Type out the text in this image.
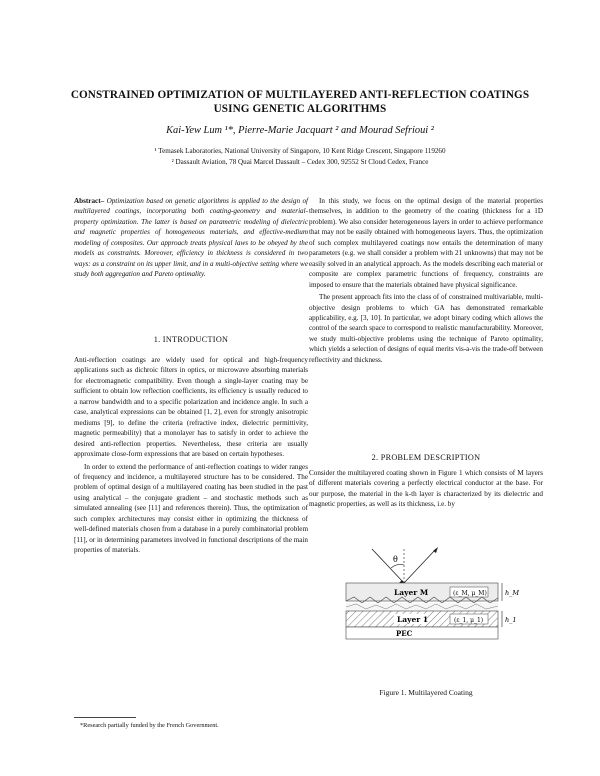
CONSTRAINED OPTIMIZATION OF MULTILAYERED ANTI-REFLECTION COATINGS
USING GENETIC ALGORITHMS
Kai-Yew Lum ¹*, Pierre-Marie Jacquart ² and Mourad Sefrioui ²
¹ Temasek Laboratories, National University of Singapore, 10 Kent Ridge Crescent, Singapore 119260
² Dassault Aviation, 78 Quai Marcel Dassault – Cedex 300, 92552 St Cloud Cedex, France

Abstract– Optimization based on genetic algorithms is applied to the design of multilayered coatings, incorporating both coating-geometry and material-property optimization. The latter is based on parametric modeling of dielectric and magnetic properties of homogeneous materials, and effective-medium modeling of composites. Our approach treats physical laws to be obeyed by the models as constraints. Moreover, efficiency in thickness is considered in two ways: as a constraint on its upper limit, and in a multi-objective setting where we study both aggregation and Pareto optimality.

1. INTRODUCTION

Anti-reflection coatings are widely used for optical and high-frequency applications such as dichroic filters in optics, or microwave absorbing materials for electromagnetic compatibility. Even though a single-layer coating may be sufficient to obtain low reflection coefficients, its efficiency is usually reduced to a narrow bandwidth and to a specific polarization and incidence angle. In such a case, analytical expressions can be obtained [1, 2], even for strongly anisotropic mediums [9], to define the criteria (refractive index, dielectric permittivity, magnetic permeability) that a monolayer has to satisfy in order to achieve the desired anti-reflection properties. Nevertheless, these criteria are usually approximate close-form expressions that are based on certain hypotheses.

In order to extend the performance of anti-reflection coatings to wider ranges of frequency and incidence, a multilayered structure has to be considered. The problem of optimal design of a multilayered coating has been studied in the past using analytical – the conjugate gradient – and stochastic methods such as simulated annealing (see [11] and references therein). Thus, the optimization of such complex architectures may consist either in optimizing the thickness of well-defined materials chosen from a database in a purely combinatorial problem [11], or in determining parameters involved in functional descriptions of the main properties of materials.

*Research partially funded by the French Government.

In this study, we focus on the optimal design of the material properties themselves, in addition to the geometry of the coating (thickness for a 1D problem). We also consider heterogeneous layers in order to achieve performance that may not be easily obtained with homogeneous layers. Thus, the optimization of such complex multilayered coatings now entails the determination of many parameters (e.g. we shall consider a problem with 21 unknowns) that may not be easily solved in an analytical approach. As the models describing each material or composite are complex parametric functions of frequency, constraints are imposed to ensure that the materials obtained have physical significance.

The present approach fits into the class of of constrained multivariable, multi-objective design problems to which GA has demonstrated remarkable applicability, e.g. [3, 10]. In particular, we adopt binary coding which allows the control of the search space to correspond to realistic manufacturability. Moreover, we study multi-objective problems using the technique of Pareto optimality, which yields a selection of designs of equal merits vis-a-vis the trade-off between reflectivity and thickness.

2. PROBLEM DESCRIPTION

Consider the multilayered coating shown in Figure 1 which consists of M layers of different materials covering a perfectly electrical conductor at the base. For our purpose, the material in the k-th layer is characterized by its dielectric and magnetic properties, as well as its thickness, i.e. by

θ
Layer M	(ε_M, μ_M)
Layer 1	(ε_1, μ_1)
PEC
h_M
h_1
Figure 1. Multilayered Coating
